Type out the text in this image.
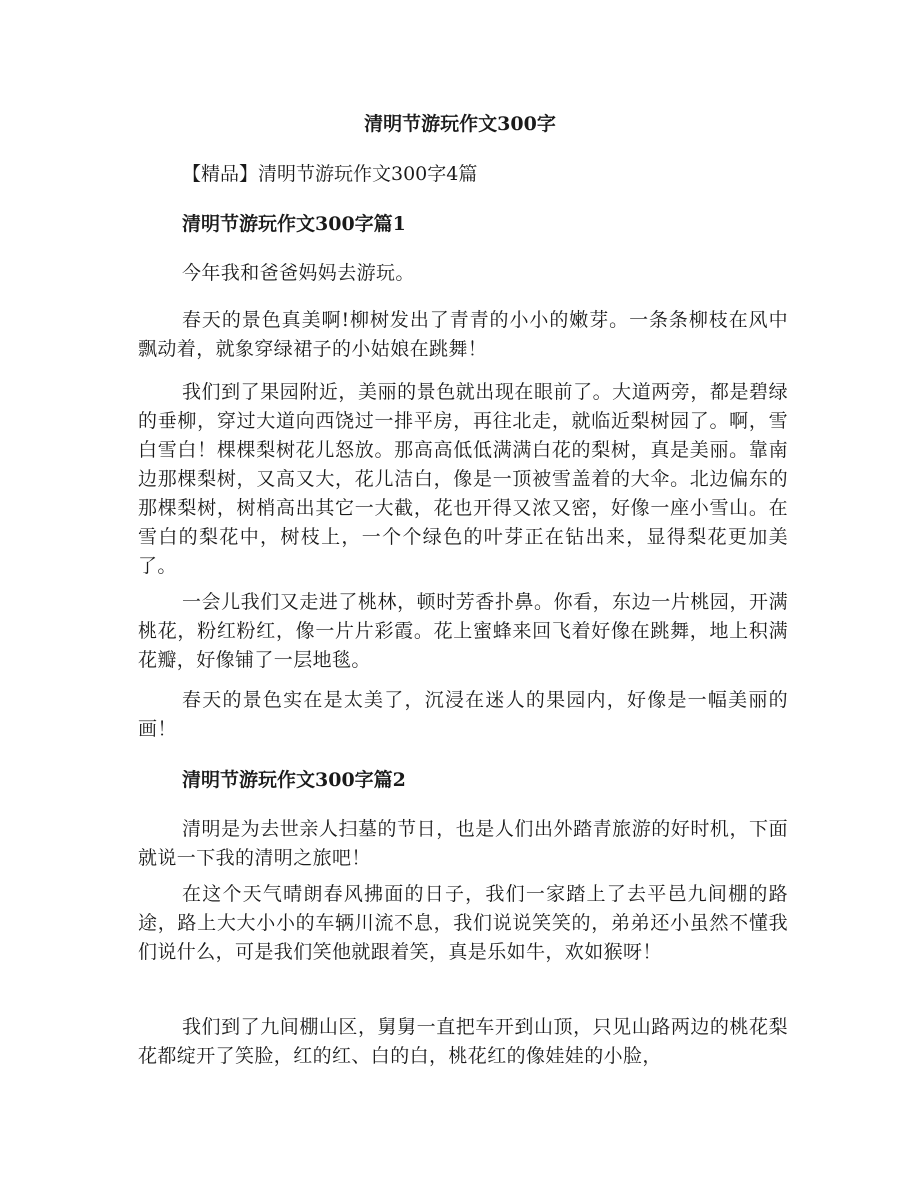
清明节游玩作文300字

【精品】清明节游玩作文300字4篇

清明节游玩作文300字篇1

今年我和爸爸妈妈去游玩。

春天的景色真美啊!柳树发出了青青的小小的嫩芽。一条条柳枝在风中飘动着，就象穿绿裙子的小姑娘在跳舞！

我们到了果园附近，美丽的景色就出现在眼前了。大道两旁，都是碧绿的垂柳，穿过大道向西饶过一排平房，再往北走，就临近梨树园了。啊，雪白雪白！棵棵梨树花儿怒放。那高高低低满满白花的梨树，真是美丽。靠南边那棵梨树，又高又大，花儿洁白，像是一顶被雪盖着的大伞。北边偏东的那棵梨树，树梢高出其它一大截，花也开得又浓又密，好像一座小雪山。在雪白的梨花中，树枝上，一个个绿色的叶芽正在钻出来，显得梨花更加美了。

一会儿我们又走进了桃林，顿时芳香扑鼻。你看，东边一片桃园，开满桃花，粉红粉红，像一片片彩霞。花上蜜蜂来回飞着好像在跳舞，地上积满花瓣，好像铺了一层地毯。

春天的景色实在是太美了，沉浸在迷人的果园内，好像是一幅美丽的画！

清明节游玩作文300字篇2

清明是为去世亲人扫墓的节日，也是人们出外踏青旅游的好时机，下面就说一下我的清明之旅吧！

在这个天气晴朗春风拂面的日子，我们一家踏上了去平邑九间棚的路途，路上大大小小的车辆川流不息，我们说说笑笑的，弟弟还小虽然不懂我们说什么，可是我们笑他就跟着笑，真是乐如牛，欢如猴呀！

我们到了九间棚山区，舅舅一直把车开到山顶，只见山路两边的桃花梨花都绽开了笑脸，红的红、白的白，桃花红的像娃娃的小脸，
